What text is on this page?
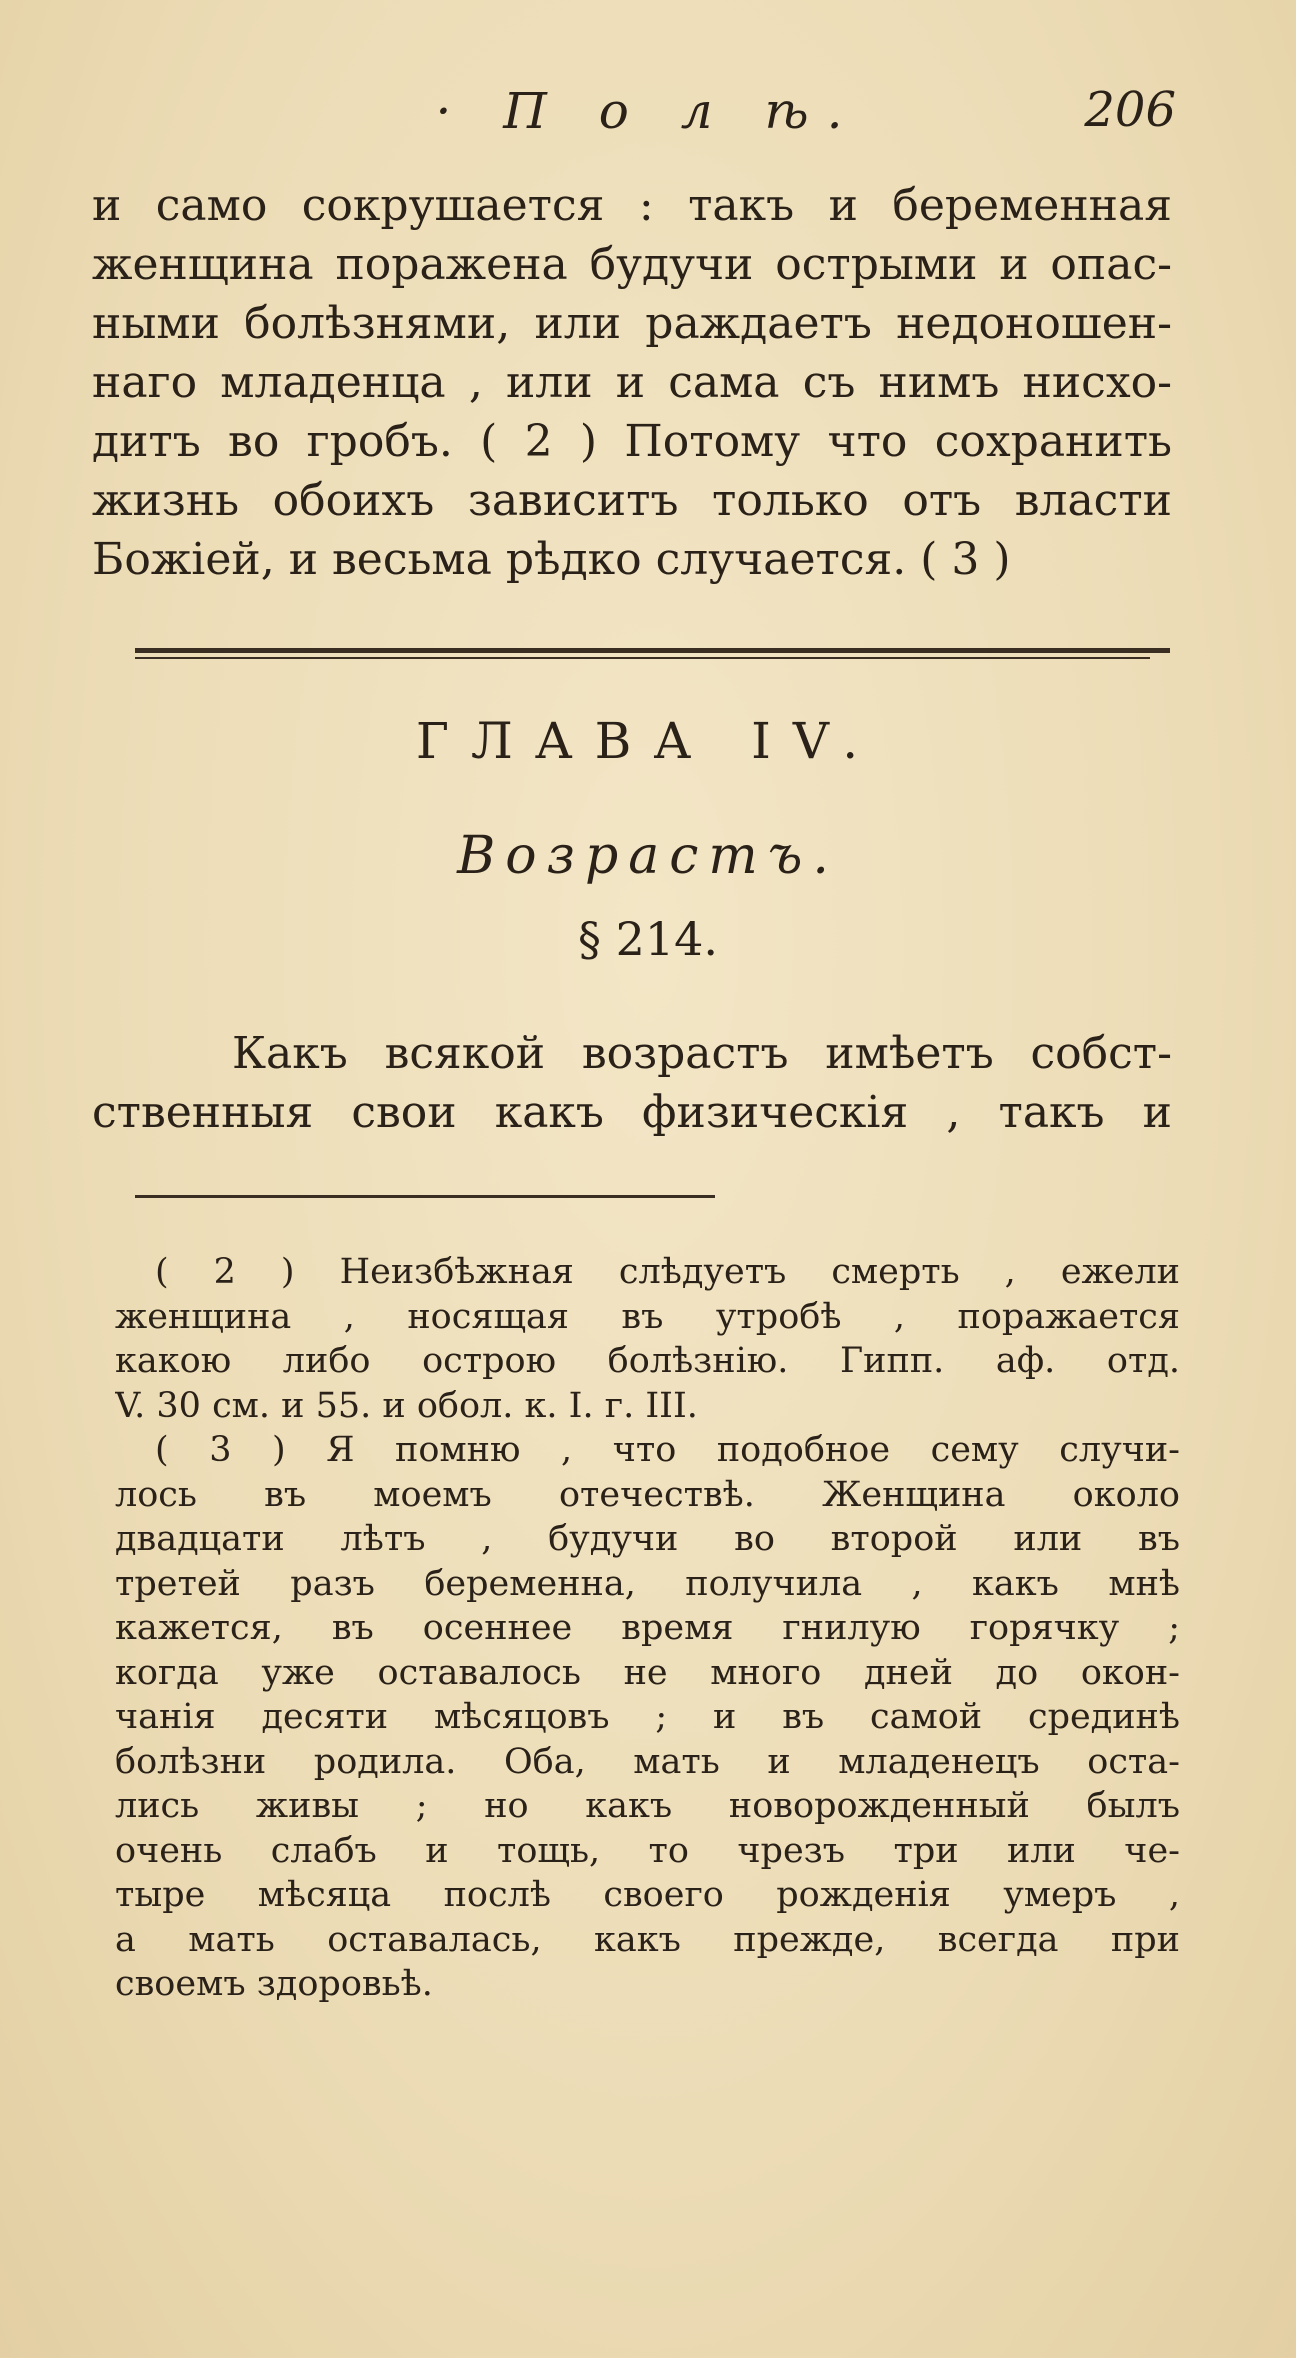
· П о л ѣ.	206
и само сокрушается : такъ и беременная
женщина поражена будучи острыми и опас-
ными болѣзнями, или раждаетъ недоношен-
наго младенца , или и сама съ нимъ нисхо-
дитъ во гробъ. ( 2 ) Потому что сохранить
жизнь обоихъ зависитъ только отъ власти
Божіей, и весьма рѣдко случается. ( 3 )
ГЛАВА IV.
Возрастъ.
§ 214.
Какъ всякой возрастъ имѣетъ собст-
ственныя свои какъ физическія , такъ и
( 2 ) Неизбѣжная слѣдуетъ смерть , ежели
женщина , носящая въ утробѣ , поражается
какою либо острою болѣзнію. Гипп. аф. отд.
V. 30 см. и 55. и обол. к. I. г. III.
( 3 ) Я помню , что подобное сему случи-
лось въ моемъ отечествѣ. Женщина около
двадцати лѣтъ , будучи во второй или въ
третей разъ беременна, получила , какъ мнѣ
кажется, въ осеннее время гнилую горячку ;
когда уже оставалось не много дней до окон-
чанія десяти мѣсяцовъ ; и въ самой срединѣ
болѣзни родила. Оба, мать и младенецъ оста-
лись живы ; но какъ новорожденный былъ
очень слабъ и тощь, то чрезъ три или че-
тыре мѣсяца послѣ своего рожденія умеръ ,
а мать оставалась, какъ прежде, всегда при
своемъ здоровьѣ.
